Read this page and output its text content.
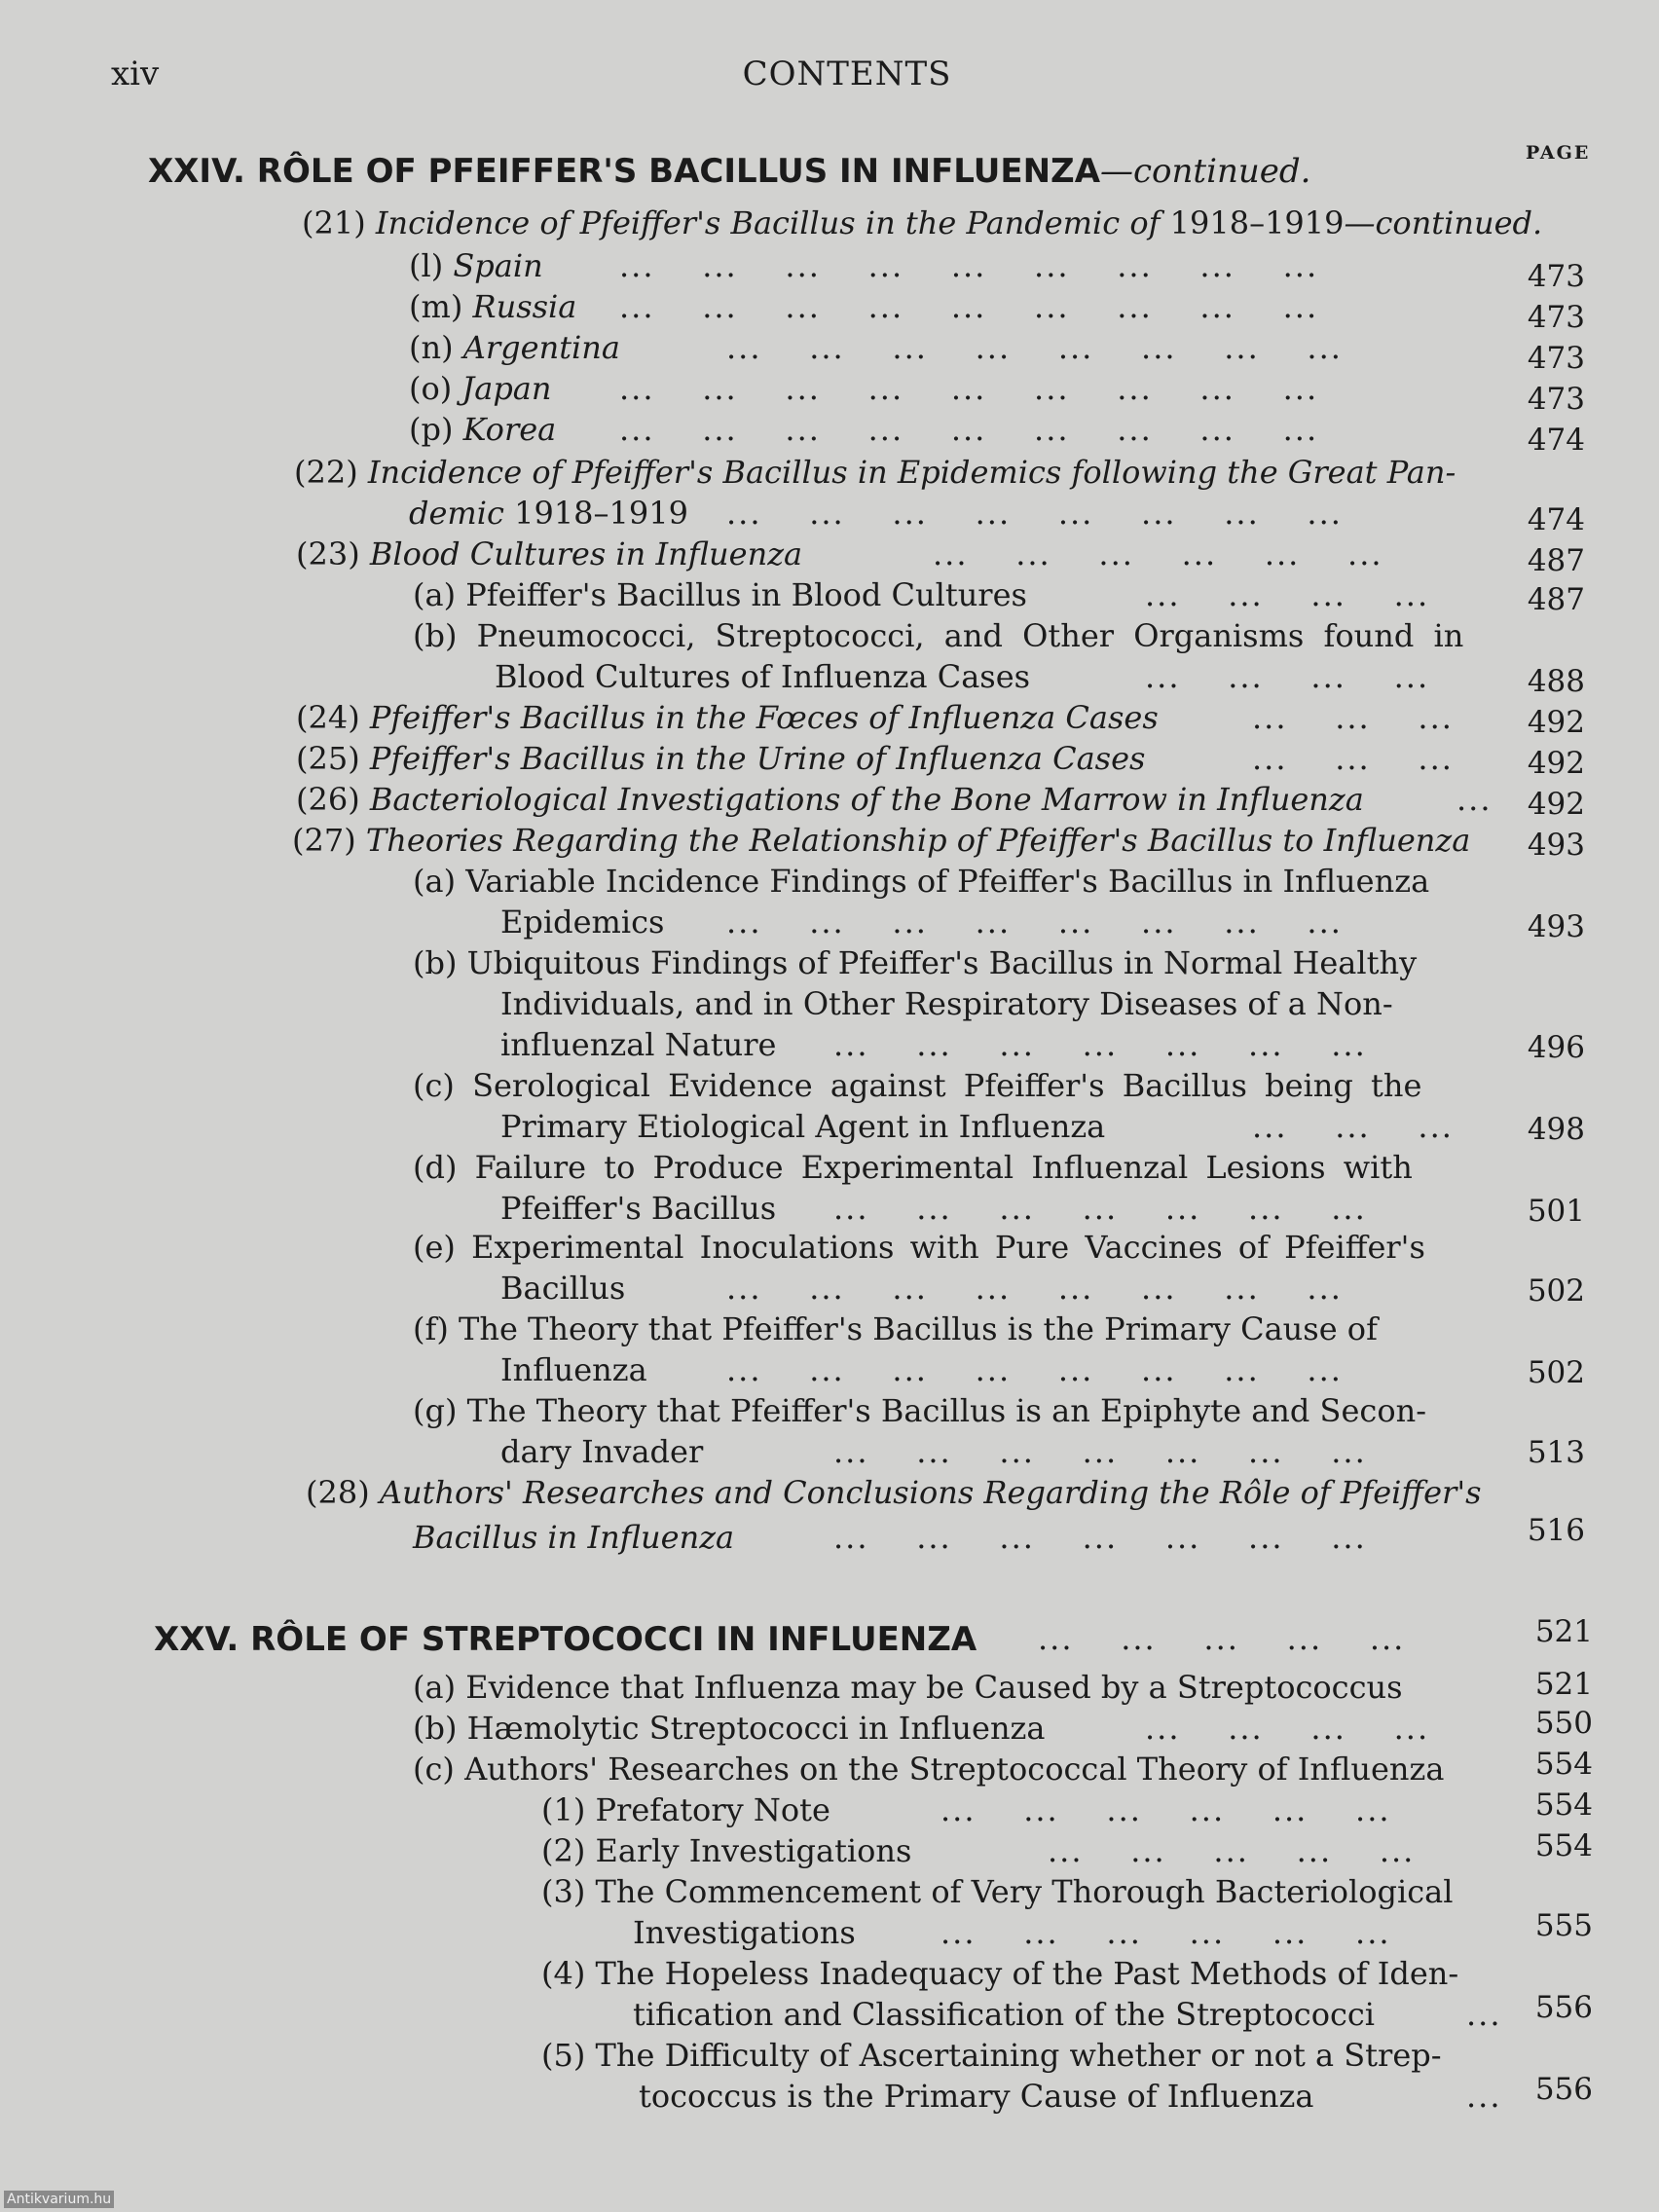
xiv	CONTENTS
PAGE
XXIV. RÔLE OF PFEIFFER'S BACILLUS IN INFLUENZA—continued.
(21) Incidence of Pfeiffer's Bacillus in the Pandemic of 1918–1919—continued.
(l) Spain ...    ...    ...    ...    ...    ...    ...    ...    ...	473
(m) Russia ...    ...    ...    ...    ...    ...    ...    ...    ...	473
(n) Argentina	...    ...    ...    ...    ...    ...    ...    ...	473
(o) Japan ...    ...    ...    ...    ...    ...    ...    ...    ...	473
(p) Korea ...    ...    ...    ...    ...    ...    ...    ...    ...	474
(22) Incidence of Pfeiffer's Bacillus in Epidemics following the Great Pan-
demic 1918–1919 ...    ...    ...    ...    ...    ...    ...    ...	474
(23) Blood Cultures in Influenza	...    ...    ...    ...    ...    ...	487
(a) Pfeiffer's Bacillus in Blood Cultures	...    ...    ...    ...	487
(b) Pneumococci, Streptococci, and Other Organisms found in
Blood Cultures of Influenza Cases	...    ...    ...    ...	488
(24) Pfeiffer's Bacillus in the Fœces of Influenza Cases	...    ...    ...	492
(25) Pfeiffer's Bacillus in the Urine of Influenza Cases	...    ...    ...	492
(26) Bacteriological Investigations of the Bone Marrow in Influenza	...	492
(27) Theories Regarding the Relationship of Pfeiffer's Bacillus to Influenza	493
(a) Variable Incidence Findings of Pfeiffer's Bacillus in Influenza
Epidemics ...    ...    ...    ...    ...    ...    ...    ...	493
(b) Ubiquitous Findings of Pfeiffer's Bacillus in Normal Healthy
Individuals, and in Other Respiratory Diseases of a Non-
influenzal Nature ...    ...    ...    ...    ...    ...    ...	496
(c) Serological Evidence against Pfeiffer's Bacillus being the
Primary Etiological Agent in Influenza	...    ...    ...	498
(d) Failure to Produce Experimental Influenzal Lesions with
Pfeiffer's Bacillus ...    ...    ...    ...    ...    ...    ...	501
(e) Experimental Inoculations with Pure Vaccines of Pfeiffer's
Bacillus	...    ...    ...    ...    ...    ...    ...    ...	502
(f) The Theory that Pfeiffer's Bacillus is the Primary Cause of
Influenza	...    ...    ...    ...    ...    ...    ...    ...	502
(g) The Theory that Pfeiffer's Bacillus is an Epiphyte and Secon-
dary Invader	...    ...    ...    ...    ...    ...    ...	513
(28) Authors' Researches and Conclusions Regarding the Rôle of Pfeiffer's
Bacillus in Influenza	...    ...    ...    ...    ...    ...    ...	516
XXV. RÔLE OF STREPTOCOCCI IN INFLUENZA ...    ...    ...    ...    ...	521
(a) Evidence that Influenza may be Caused by a Streptococcus	521
(b) Hæmolytic Streptococci in Influenza	...    ...    ...    ...	550
(c) Authors' Researches on the Streptococcal Theory of Influenza	554
(1) Prefatory Note	...    ...    ...    ...    ...    ...	554
(2) Early Investigations	...    ...    ...    ...    ...	554
(3) The Commencement of Very Thorough Bacteriological
Investigations	...    ...    ...    ...    ...    ...	555
(4) The Hopeless Inadequacy of the Past Methods of Iden-
tification and Classification of the Streptococci	...	556
(5) The Difficulty of Ascertaining whether or not a Strep-
tococcus is the Primary Cause of Influenza	...	556
Antikvarium.hu
